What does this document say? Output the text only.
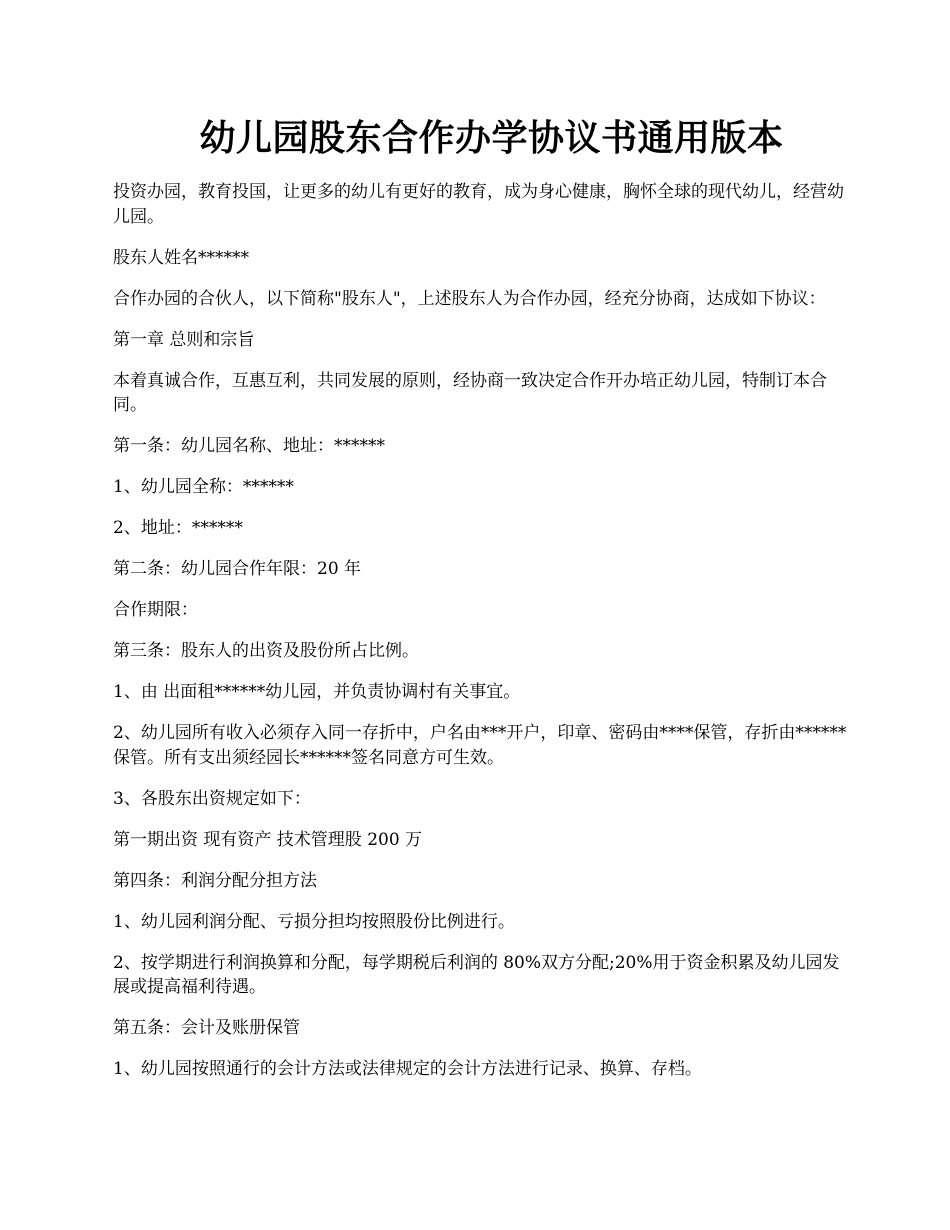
幼儿园股东合作办学协议书通用版本

投资办园，教育投国，让更多的幼儿有更好的教育，成为身心健康，胸怀全球的现代幼儿，经营幼儿园。

股东人姓名******

合作办园的合伙人，以下简称"股东人"，上述股东人为合作办园，经充分协商，达成如下协议：

第一章 总则和宗旨

本着真诚合作，互惠互利，共同发展的原则，经协商一致决定合作开办培正幼儿园，特制订本合同。

第一条：幼儿园名称、地址：******

1、幼儿园全称：******

2、地址：******

第二条：幼儿园合作年限：20 年

合作期限：

第三条：股东人的出资及股份所占比例。

1、由 出面租******幼儿园，并负责协调村有关事宜。

2、幼儿园所有收入必须存入同一存折中，户名由***开户，印章、密码由****保管，存折由******保管。所有支出须经园长******签名同意方可生效。

3、各股东出资规定如下：

第一期出资 现有资产 技术管理股 200 万

第四条：利润分配分担方法

1、幼儿园利润分配、亏损分担均按照股份比例进行。

2、按学期进行利润换算和分配，每学期税后利润的 80%双方分配;20%用于资金积累及幼儿园发展或提高福利待遇。

第五条：会计及账册保管

1、幼儿园按照通行的会计方法或法律规定的会计方法进行记录、换算、存档。
